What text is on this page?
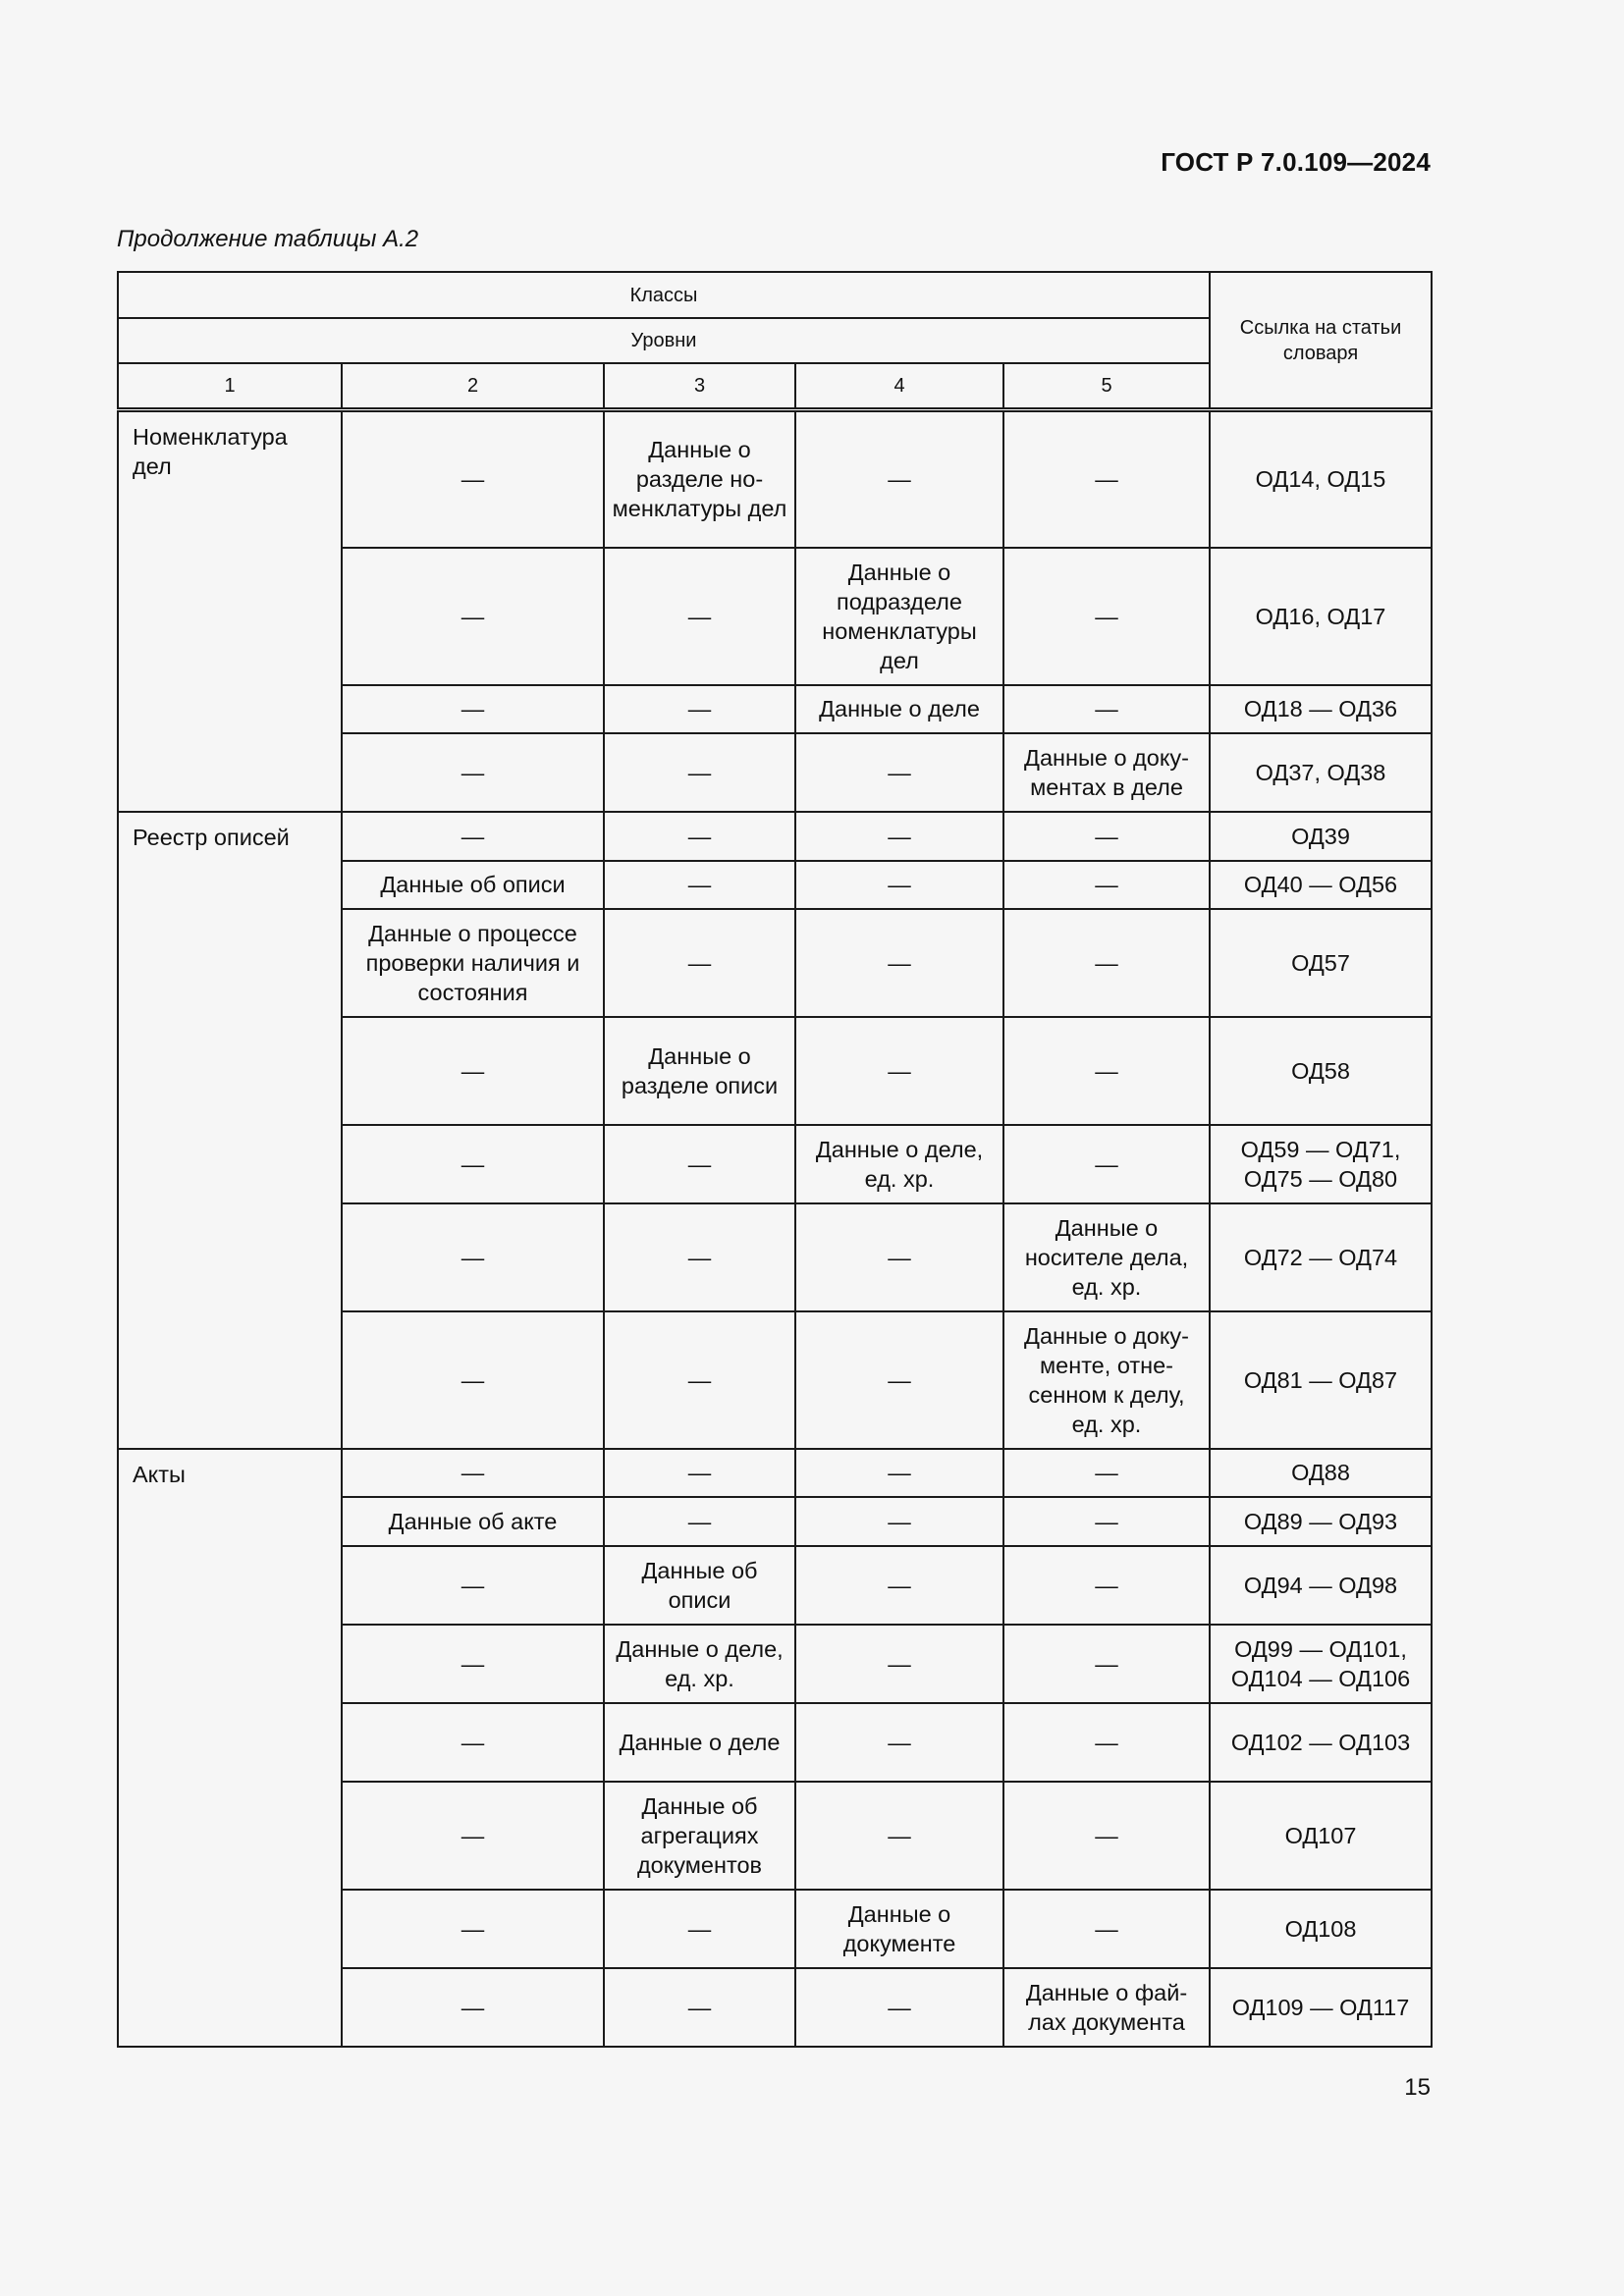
ГОСТ Р 7.0.109—2024
Продолжение таблицы А.2
Классы					Ссылка на статьи словаря
Уровни					
1	2	3	4	5	
Номенклатура дел	—	Данные о разделе но-менклатуры дел	—	—	ОД14, ОД15
	—	—	Данные о подразделе номенклатуры дел	—	ОД16, ОД17
	—	—	Данные о деле	—	ОД18 — ОД36
	—	—	—	Данные о доку-ментах в деле	ОД37, ОД38
Реестр описей	—	—	—	—	ОД39
	Данные об описи	—	—	—	ОД40 — ОД56
	Данные о процессе проверки наличия и состояния	—	—	—	ОД57
	—	Данные о разделе описи	—	—	ОД58
	—	—	Данные о деле, ед. хр.	—	ОД59 — ОД71, ОД75 — ОД80
	—	—	—	Данные о носителе дела, ед. хр.	ОД72 — ОД74
	—	—	—	Данные о доку-менте, отне-сенном к делу, ед. хр.	ОД81 — ОД87
Акты	—	—	—	—	ОД88
	Данные об акте	—	—	—	ОД89 — ОД93
	—	Данные об описи	—	—	ОД94 — ОД98
	—	Данные о деле, ед. хр.	—	—	ОД99 — ОД101, ОД104 — ОД106
	—	Данные о деле	—	—	ОД102 — ОД103
	—	Данные об агрегациях документов	—	—	ОД107
	—	—	Данные о документе	—	ОД108
	—	—	—	Данные о фай-лах документа	ОД109 — ОД117
15
